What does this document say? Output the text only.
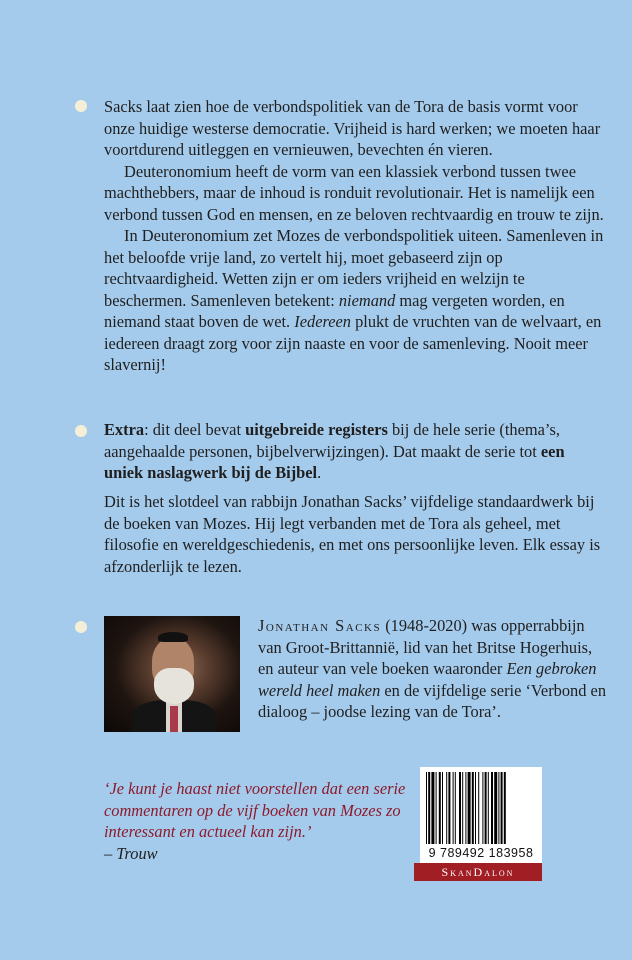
Sacks laat zien hoe de verbondspolitiek van de Tora de basis vormt voor onze huidige westerse democratie. Vrijheid is hard werken; we moeten haar voortdurend uitleggen en vernieuwen, bevechten én vieren.

Deuteronomium heeft de vorm van een klassiek verbond tussen twee machthebbers, maar de inhoud is ronduit revolutionair. Het is namelijk een verbond tussen God en mensen, en ze beloven rechtvaardig en trouw te zijn.

In Deuteronomium zet Mozes de verbondspolitiek uiteen. Samenleven in het beloofde vrije land, zo vertelt hij, moet gebaseerd zijn op rechtvaardigheid. Wetten zijn er om ieders vrijheid en welzijn te beschermen. Samenleven betekent: niemand mag vergeten worden, en niemand staat boven de wet. Iedereen plukt de vruchten van de welvaart, en iedereen draagt zorg voor zijn naaste en voor de samenleving. Nooit meer slavernij!

Extra: dit deel bevat uitgebreide registers bij de hele serie (thema’s, aangehaalde personen, bijbelverwijzingen). Dat maakt de serie tot een uniek naslagwerk bij de Bijbel.

Dit is het slotdeel van rabbijn Jonathan Sacks’ vijfdelige standaardwerk bij de boeken van Mozes. Hij legt verbanden met de Tora als geheel, met filosofie en wereldgeschiedenis, en met ons persoonlijke leven. Elk essay is afzonderlijk te lezen.

Jonathan Sacks (1948-2020) was opperrabbijn van Groot-Brittannië, lid van het Britse Hogerhuis, en auteur van vele boeken waaronder Een gebroken wereld heel maken en de vijfdelige serie ‘Verbond en dialoog – joodse lezing van de Tora’.
‘Je kunt je haast niet voorstellen dat een serie commentaren op de vijf boeken van Mozes zo interessant en actueel kan zijn.’
– Trouw	9 789492 183958
SkanDalon
